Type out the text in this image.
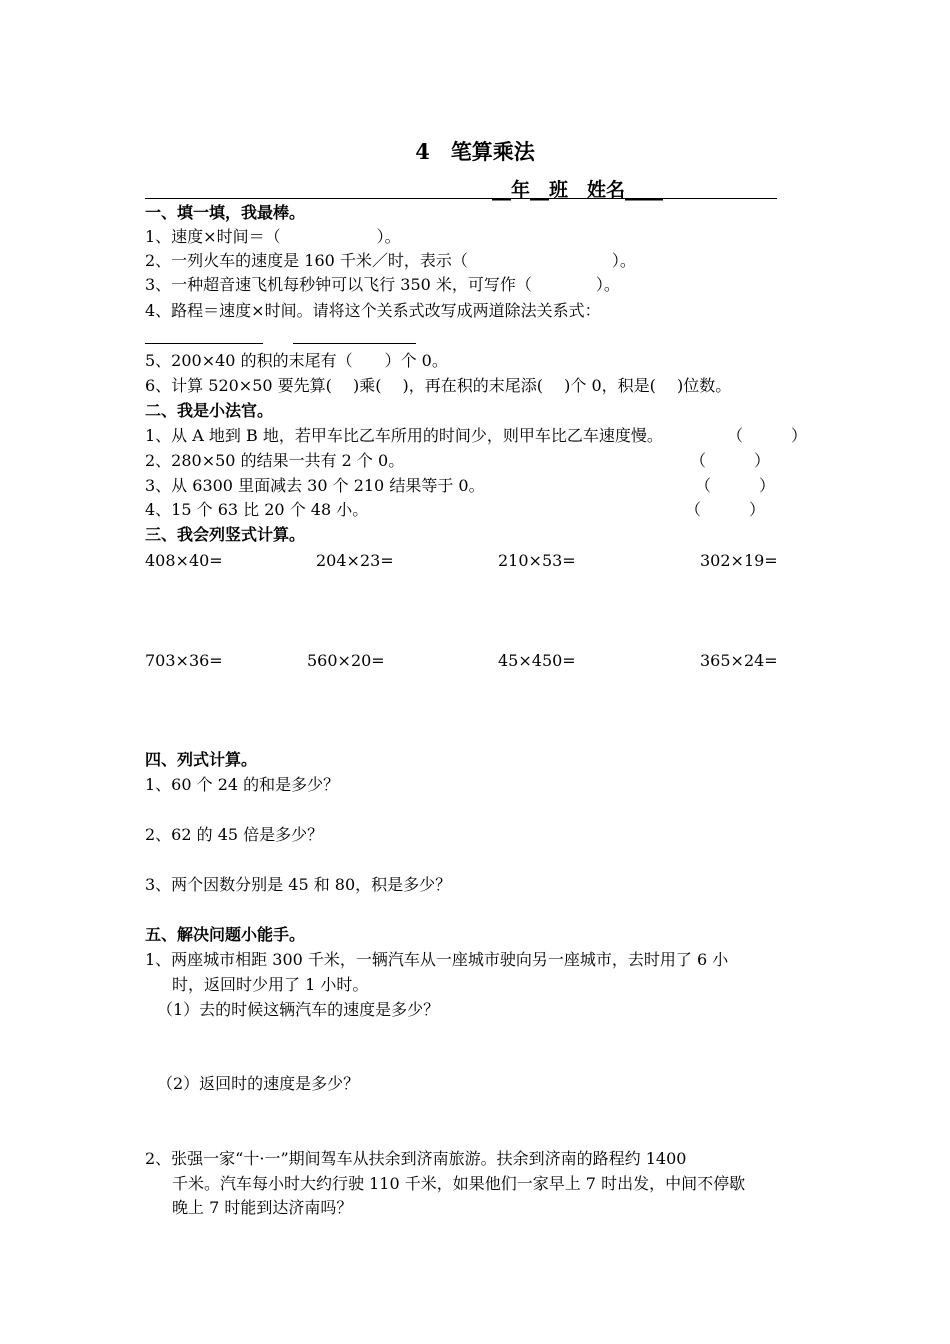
4　笔算乘法
__年__班　姓名____
一、填一填，我最棒。
1、速度×时间＝（　　　　　　）。
2、一列火车的速度是 160 千米／时，表示（　　　　　　　　　）。
3、一种超音速飞机每秒钟可以飞行 350 米，可写作（　　　　）。
4、路程＝速度×时间。请将这个关系式改写成两道除法关系式：
5、200×40 的积的末尾有（　　）个 0。
6、计算 520×50 要先算(　 )乘(　 )，再在积的末尾添(　 )个 0，积是(　 )位数。
二、我是小法官。
1、从 A 地到 B 地，若甲车比乙车所用的时间少，则甲车比乙车速度慢。	（　　　）
2、280×50 的结果一共有 2 个 0。	（　　　）
3、从 6300 里面减去 30 个 210 结果等于 0。	（　　　）
4、15 个 63 比 20 个 48 小。	（　　　）
三、我会列竖式计算。
408×40=	204×23=	210×53=	302×19=
703×36=	560×20=	45×450=	365×24=
四、列式计算。
1、60 个 24 的和是多少？
2、62 的 45 倍是多少？
3、两个因数分别是 45 和 80，积是多少？
五、解决问题小能手。
1、两座城市相距 300 千米，一辆汽车从一座城市驶向另一座城市，去时用了 6 小
时，返回时少用了 1 小时。
（1）去的时候这辆汽车的速度是多少？
（2）返回时的速度是多少？
2、张强一家“十·一”期间驾车从扶余到济南旅游。扶余到济南的路程约 1400
千米。汽车每小时大约行驶 110 千米，如果他们一家早上 7 时出发，中间不停歇
晚上 7 时能到达济南吗？
